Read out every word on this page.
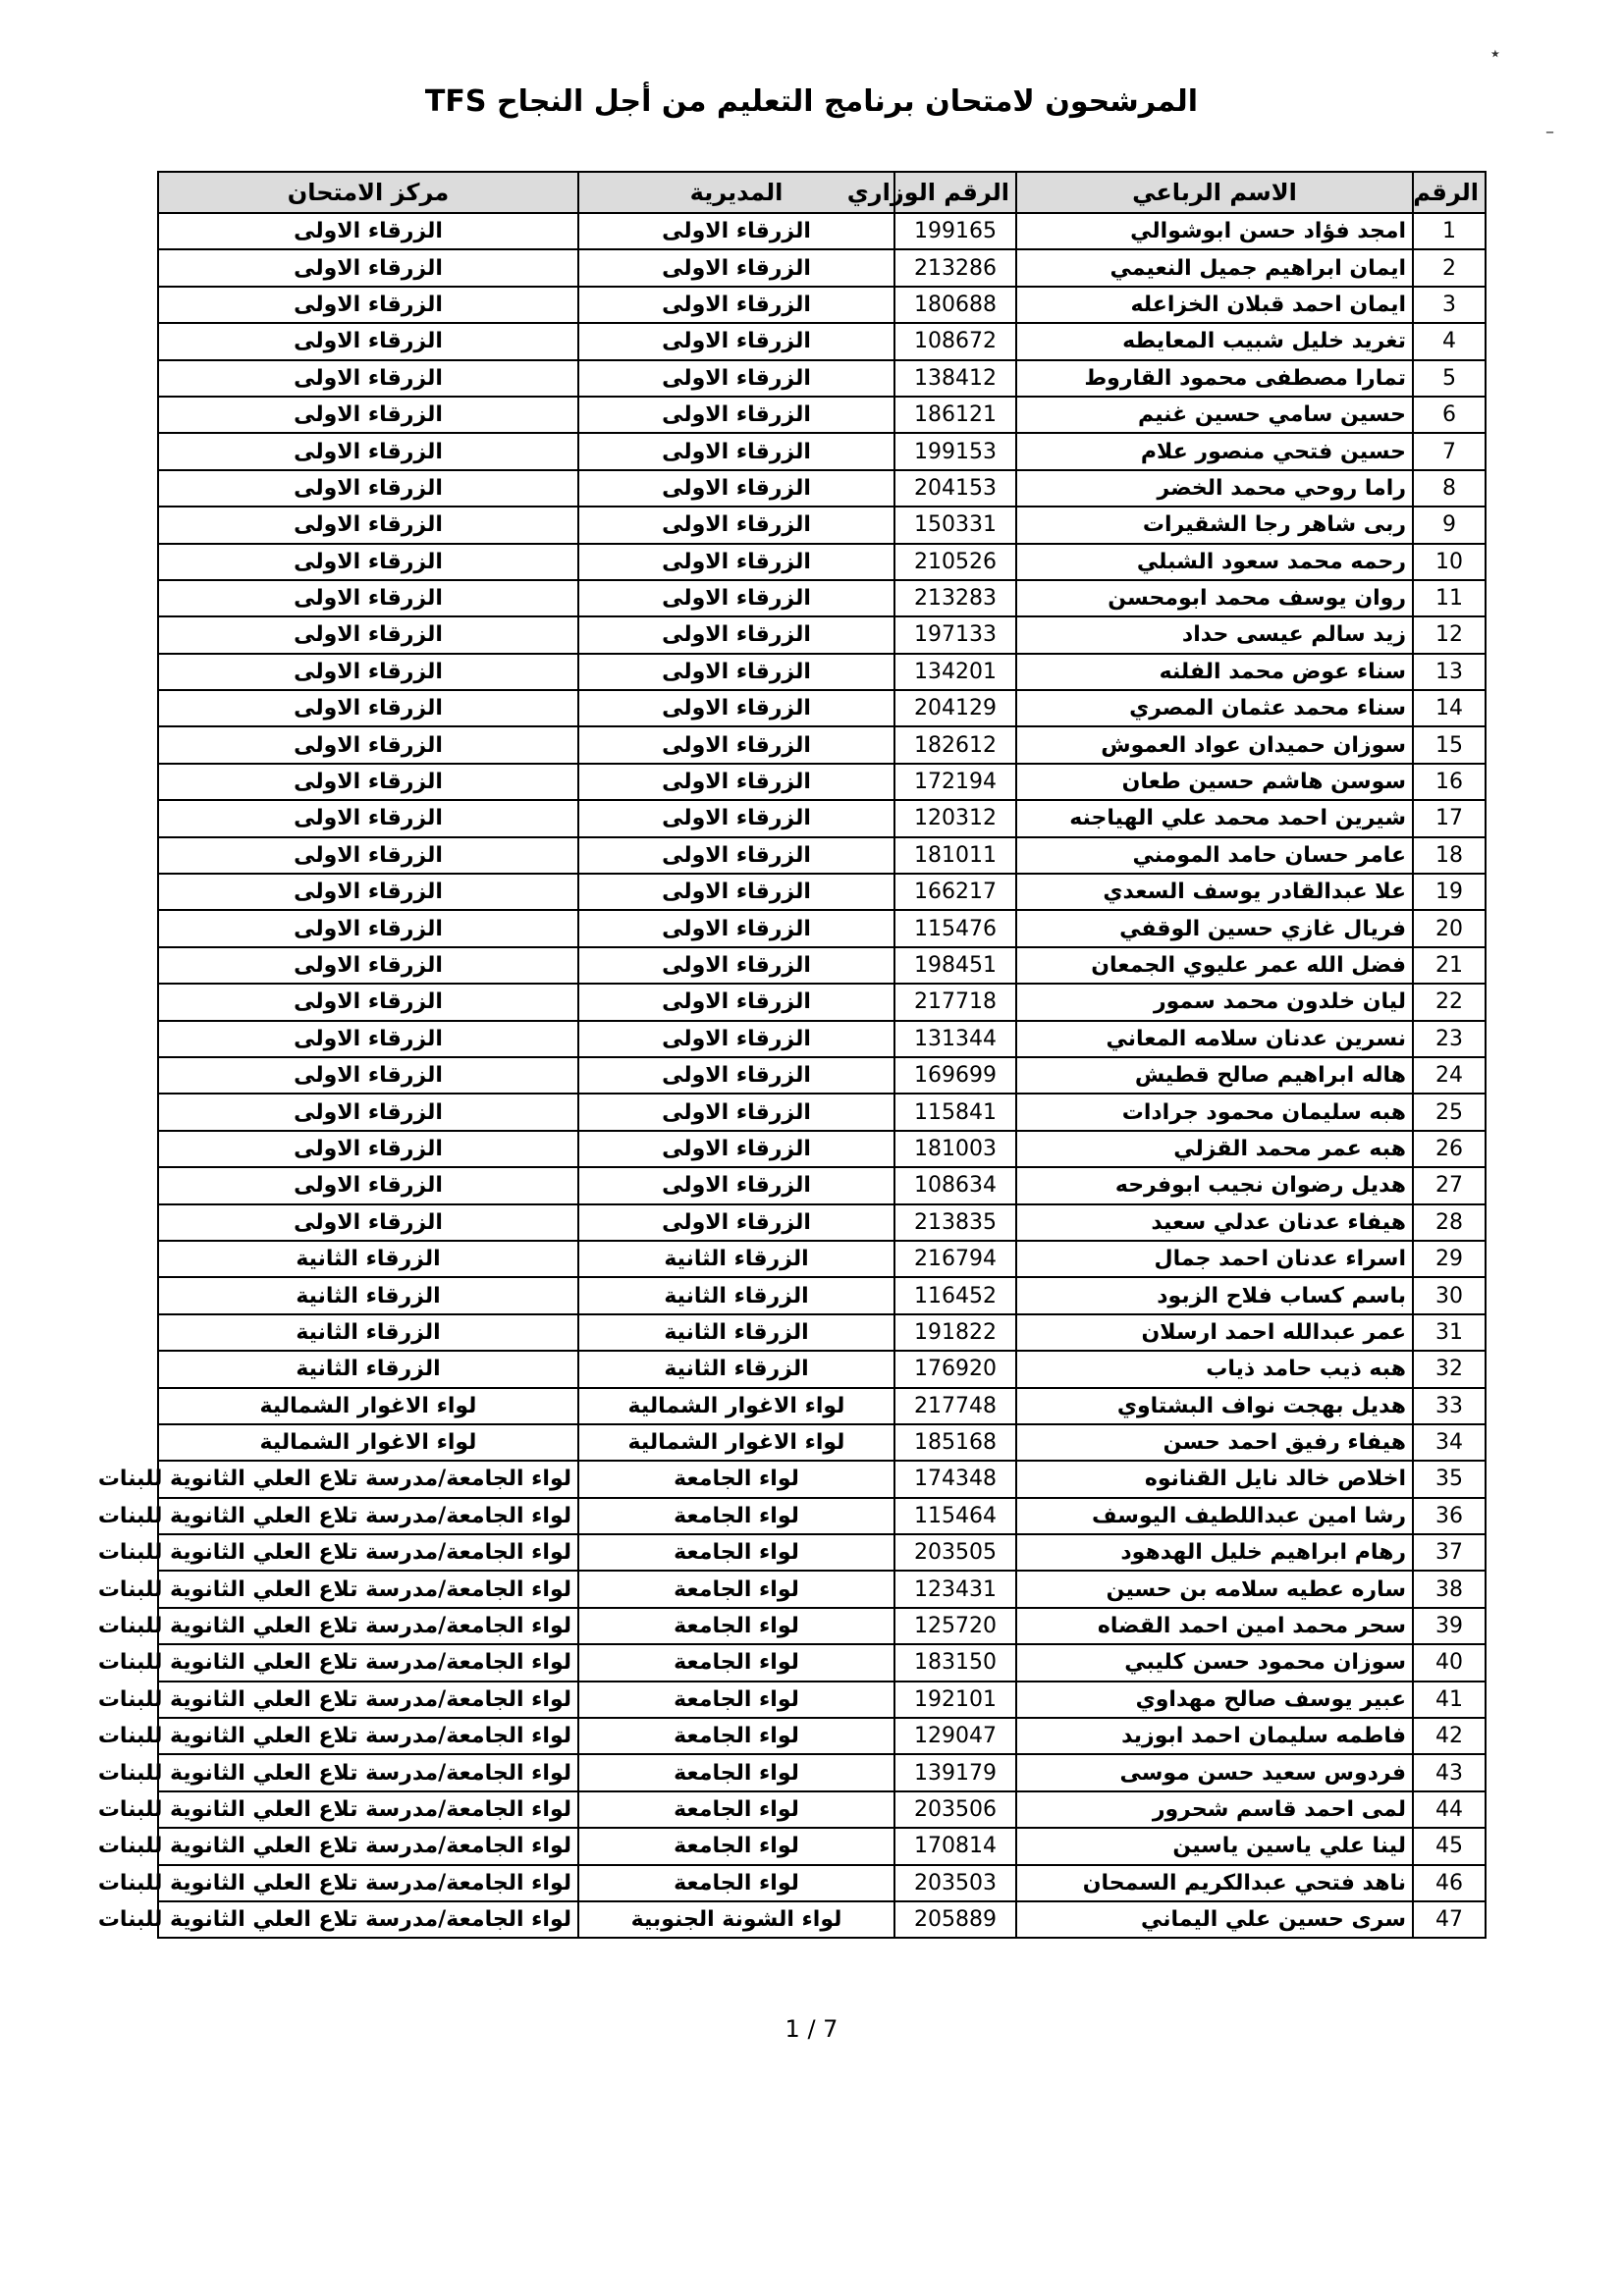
٭
–
المرشحون لامتحان برنامج التعليم من أجل النجاح TFS
الرقم	الاسم الرباعي	الرقم الوزاري	المديرية	مركز الامتحان
1	امجد فؤاد حسن ابوشوالي	199165	الزرقاء الاولى	الزرقاء الاولى
2	ايمان ابراهيم جميل النعيمي	213286	الزرقاء الاولى	الزرقاء الاولى
3	ايمان احمد قبلان الخزاعله	180688	الزرقاء الاولى	الزرقاء الاولى
4	تغريد خليل شبيب المعايطه	108672	الزرقاء الاولى	الزرقاء الاولى
5	تمارا مصطفى محمود القاروط	138412	الزرقاء الاولى	الزرقاء الاولى
6	حسين سامي حسين غنيم	186121	الزرقاء الاولى	الزرقاء الاولى
7	حسين فتحي منصور علام	199153	الزرقاء الاولى	الزرقاء الاولى
8	راما روحي محمد الخضر	204153	الزرقاء الاولى	الزرقاء الاولى
9	ربى شاهر رجا الشقيرات	150331	الزرقاء الاولى	الزرقاء الاولى
10	رحمه محمد سعود الشبلي	210526	الزرقاء الاولى	الزرقاء الاولى
11	روان يوسف محمد ابومحسن	213283	الزرقاء الاولى	الزرقاء الاولى
12	زيد سالم عيسى حداد	197133	الزرقاء الاولى	الزرقاء الاولى
13	سناء عوض محمد الفلنه	134201	الزرقاء الاولى	الزرقاء الاولى
14	سناء محمد عثمان المصري	204129	الزرقاء الاولى	الزرقاء الاولى
15	سوزان حميدان عواد العموش	182612	الزرقاء الاولى	الزرقاء الاولى
16	سوسن هاشم حسين طعان	172194	الزرقاء الاولى	الزرقاء الاولى
17	شيرين احمد محمد علي الهياجنه	120312	الزرقاء الاولى	الزرقاء الاولى
18	عامر حسان حامد المومني	181011	الزرقاء الاولى	الزرقاء الاولى
19	علا عبدالقادر يوسف السعدي	166217	الزرقاء الاولى	الزرقاء الاولى
20	فريال غازي حسين الوقفي	115476	الزرقاء الاولى	الزرقاء الاولى
21	فضل الله عمر عليوي الجمعان	198451	الزرقاء الاولى	الزرقاء الاولى
22	ليان خلدون محمد سمور	217718	الزرقاء الاولى	الزرقاء الاولى
23	نسرين عدنان سلامه المعاني	131344	الزرقاء الاولى	الزرقاء الاولى
24	هاله ابراهيم صالح قطيش	169699	الزرقاء الاولى	الزرقاء الاولى
25	هبه سليمان محمود جرادات	115841	الزرقاء الاولى	الزرقاء الاولى
26	هبه عمر محمد القزلي	181003	الزرقاء الاولى	الزرقاء الاولى
27	هديل رضوان نجيب ابوفرحه	108634	الزرقاء الاولى	الزرقاء الاولى
28	هيفاء عدنان عدلي سعيد	213835	الزرقاء الاولى	الزرقاء الاولى
29	اسراء عدنان احمد جمال	216794	الزرقاء الثانية	الزرقاء الثانية
30	باسم كساب فلاح الزبود	116452	الزرقاء الثانية	الزرقاء الثانية
31	عمر عبدالله احمد ارسلان	191822	الزرقاء الثانية	الزرقاء الثانية
32	هبه ذيب حامد ذياب	176920	الزرقاء الثانية	الزرقاء الثانية
33	هديل بهجت نواف البشتاوي	217748	لواء الاغوار الشمالية	لواء الاغوار الشمالية
34	هيفاء رفيق احمد حسن	185168	لواء الاغوار الشمالية	لواء الاغوار الشمالية
35	اخلاص خالد نايل القنانوه	174348	لواء الجامعة	لواء الجامعة/مدرسة تلاع العلي الثانوية للبنات
36	رشا امين عبداللطيف اليوسف	115464	لواء الجامعة	لواء الجامعة/مدرسة تلاع العلي الثانوية للبنات
37	رهام ابراهيم خليل الهدهود	203505	لواء الجامعة	لواء الجامعة/مدرسة تلاع العلي الثانوية للبنات
38	ساره عطيه سلامه بن حسين	123431	لواء الجامعة	لواء الجامعة/مدرسة تلاع العلي الثانوية للبنات
39	سحر محمد امين احمد القضاه	125720	لواء الجامعة	لواء الجامعة/مدرسة تلاع العلي الثانوية للبنات
40	سوزان محمود حسن كليبي	183150	لواء الجامعة	لواء الجامعة/مدرسة تلاع العلي الثانوية للبنات
41	عبير يوسف صالح مهداوي	192101	لواء الجامعة	لواء الجامعة/مدرسة تلاع العلي الثانوية للبنات
42	فاطمه سليمان احمد ابوزيد	129047	لواء الجامعة	لواء الجامعة/مدرسة تلاع العلي الثانوية للبنات
43	فردوس سعيد حسن موسى	139179	لواء الجامعة	لواء الجامعة/مدرسة تلاع العلي الثانوية للبنات
44	لمى احمد قاسم شحرور	203506	لواء الجامعة	لواء الجامعة/مدرسة تلاع العلي الثانوية للبنات
45	لينا علي ياسين ياسين	170814	لواء الجامعة	لواء الجامعة/مدرسة تلاع العلي الثانوية للبنات
46	ناهد فتحي عبدالكريم السمحان	203503	لواء الجامعة	لواء الجامعة/مدرسة تلاع العلي الثانوية للبنات
47	سرى حسين علي اليماني	205889	لواء الشونة الجنوبية	لواء الجامعة/مدرسة تلاع العلي الثانوية للبنات
1 / 7
